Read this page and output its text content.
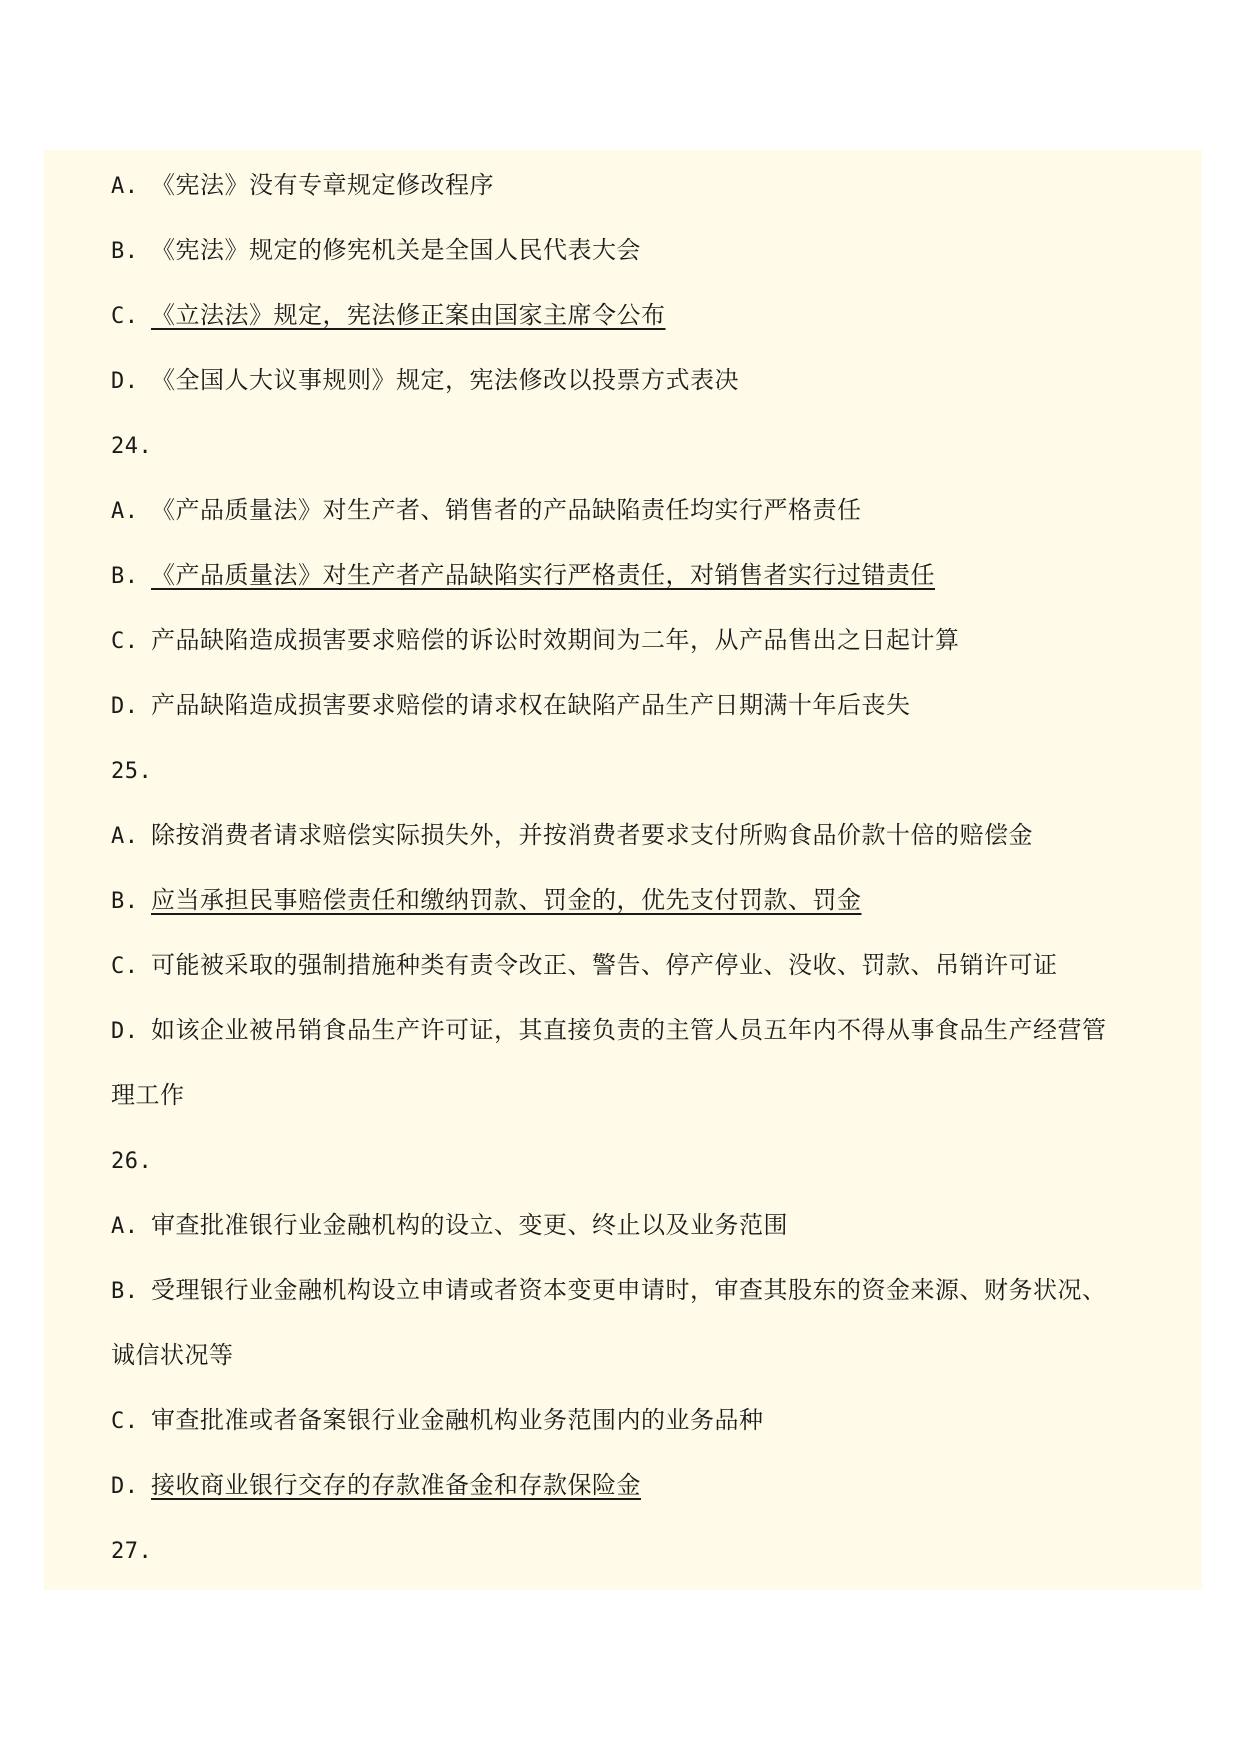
A. 《宪法》没有专章规定修改程序
B. 《宪法》规定的修宪机关是全国人民代表大会
C. 《立法法》规定，宪法修正案由国家主席令公布
D. 《全国人大议事规则》规定，宪法修改以投票方式表决
24.
A. 《产品质量法》对生产者、销售者的产品缺陷责任均实行严格责任
B. 《产品质量法》对生产者产品缺陷实行严格责任，对销售者实行过错责任
C. 产品缺陷造成损害要求赔偿的诉讼时效期间为二年，从产品售出之日起计算
D. 产品缺陷造成损害要求赔偿的请求权在缺陷产品生产日期满十年后丧失
25.
A. 除按消费者请求赔偿实际损失外，并按消费者要求支付所购食品价款十倍的赔偿金
B. 应当承担民事赔偿责任和缴纳罚款、罚金的，优先支付罚款、罚金
C. 可能被采取的强制措施种类有责令改正、警告、停产停业、没收、罚款、吊销许可证
D. 如该企业被吊销食品生产许可证，其直接负责的主管人员五年内不得从事食品生产经营管
理工作
26.
A. 审查批准银行业金融机构的设立、变更、终止以及业务范围
B. 受理银行业金融机构设立申请或者资本变更申请时，审查其股东的资金来源、财务状况、
诚信状况等
C. 审查批准或者备案银行业金融机构业务范围内的业务品种
D. 接收商业银行交存的存款准备金和存款保险金
27.
